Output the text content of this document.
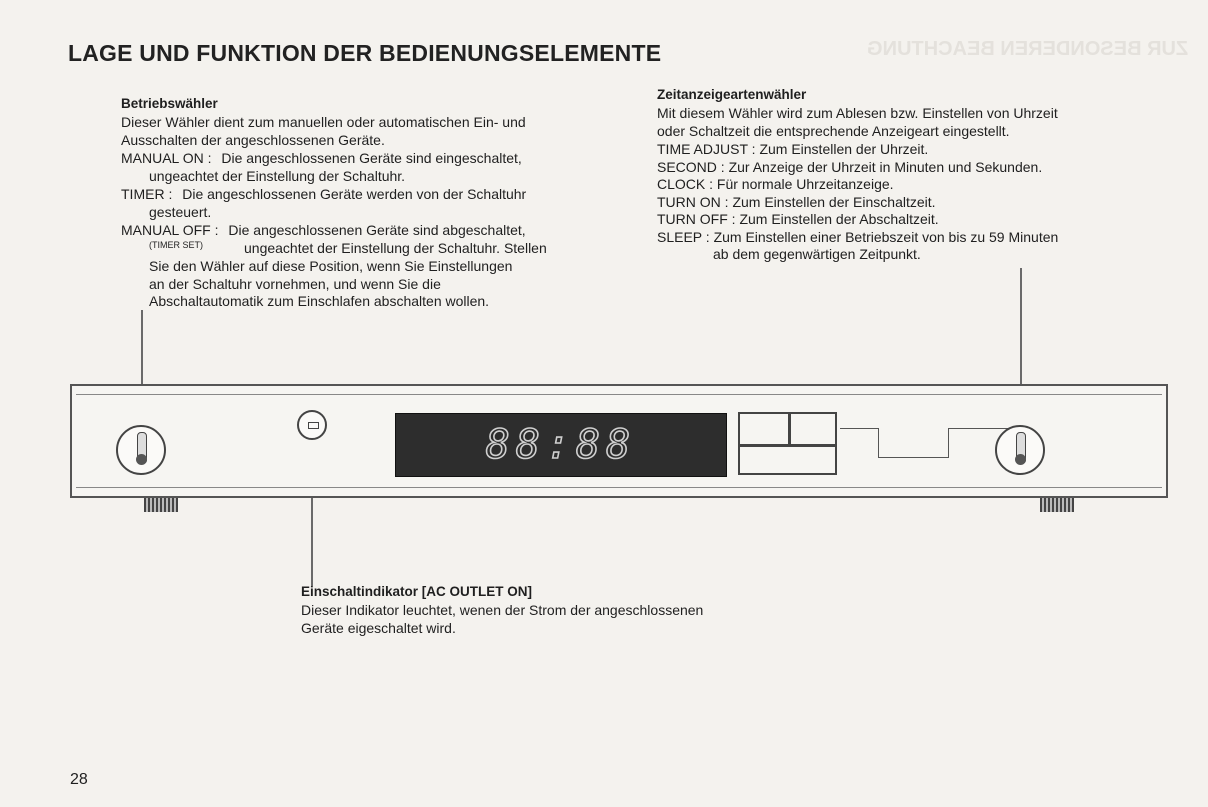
ZUR BESONDEREN BEACHTUNG
LAGE UND FUNKTION DER BEDIENUNGSELEMENTE
Betriebswähler
Dieser Wähler dient zum manuellen oder automatischen Ein- und
Ausschalten der angeschlossenen Geräte.
MANUAL ON : Die angeschlossenen Geräte sind eingeschaltet,
ungeachtet der Einstellung der Schaltuhr.
TIMER : Die angeschlossenen Geräte werden von der Schaltuhr
gesteuert.
MANUAL OFF : Die angeschlossenen Geräte sind abgeschaltet,
(TIMER SET)	ungeachtet der Einstellung der Schaltuhr. Stellen
Sie den Wähler auf diese Position, wenn Sie Einstellungen
an der Schaltuhr vornehmen, und wenn Sie die
Abschaltautomatik zum Einschlafen abschalten wollen.
Zeitanzeigeartenwähler
Mit diesem Wähler wird zum Ablesen bzw. Einstellen von Uhrzeit
oder Schaltzeit die entsprechende Anzeigeart eingestellt.
TIME ADJUST : Zum Einstellen der Uhrzeit.
SECOND : Zur Anzeige der Uhrzeit in Minuten und Sekunden.
CLOCK : Für normale Uhrzeitanzeige.
TURN ON : Zum Einstellen der Einschaltzeit.
TURN OFF : Zum Einstellen der Abschaltzeit.
SLEEP : Zum Einstellen einer Betriebszeit von bis zu 59 Minuten
ab dem gegenwärtigen Zeitpunkt.
88:88
Einschaltindikator [AC OUTLET ON]
Dieser Indikator leuchtet, wenen der Strom der angeschlossenen
Geräte eigeschaltet wird.
28
